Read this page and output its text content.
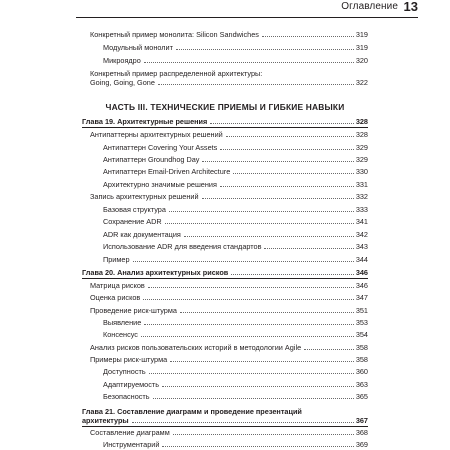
Оглавление 13
Конкретный пример монолита: Silicon Sandwiches	319
Модульный монолит	319
Микроядро	320
Конкретный пример распределенной архитектуры:
Going, Going, Gone	322
ЧАСТЬ III. ТЕХНИЧЕСКИЕ ПРИЕМЫ И ГИБКИЕ НАВЫКИ
Глава 19. Архитектурные решения	328
Антипаттерны архитектурных решений	328
Антипаттерн Covering Your Assets	329
Антипаттерн Groundhog Day	329
Антипаттерн Email-Driven Architecture	330
Архитектурно значимые решения	331
Запись архитектурных решений	332
Базовая структура	333
Сохранение ADR	341
ADR как документация	342
Использование ADR для введения стандартов	343
Пример	344
Глава 20. Анализ архитектурных рисков	346
Матрица рисков	346
Оценка рисков	347
Проведение риск-штурма	351
Выявление	353
Консенсус	354
Анализ рисков пользовательских историй в методологии Agile	358
Примеры риск-штурма	358
Доступность	360
Адаптируемость	363
Безопасность	365
Глава 21. Составление диаграмм и проведение презентаций
архитектуры	367
Составление диаграмм	368
Инструментарий	369
